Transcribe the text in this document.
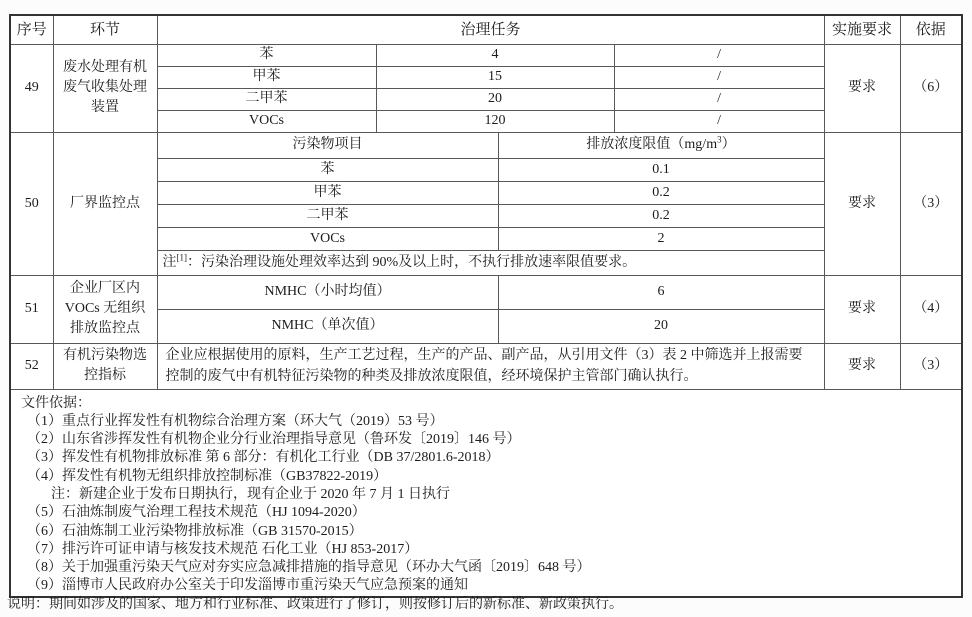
序号	环节	治理任务				实施要求	依据
49	废水处理有机废气收集处理装置	苯	4		/	要求	（6）
		甲苯	15		/		
		二甲苯	20		/		
		VOCs	120		/		
50	厂界监控点	污染物项目		排放浓度限值$(mg/m^3)$		要求	（3）
		苯		0.1			
		甲苯		0.2			
		二甲苯		0.2			
		VOCs		2			
		注[1]：污染治理设施处理效率达到 90%及以上时，不执行排放速率限值要求。					
51	企业厂区内VOCs 无组织排放监控点	NMHC（小时均值）		6		要求	（4）
		NMHC（单次值）		20			
52	有机污染物选控指标	企业应根据使用的原料，生产工艺过程，生产的产品、副产品，从引用文件（3）表 2 中筛选并上报需要控制的废气中有机特征污染物的种类及排放浓度限值，经环境保护主管部门确认执行。				要求	（3）

文件依据：
（1）重点行业挥发性有机物综合治理方案（环大气（2019）53 号）
（2）山东省涉挥发性有机物企业分行业治理指导意见（鲁环发〔2019〕146 号）
（3）挥发性有机物排放标准 第 6 部分：有机化工行业（DB 37/2801.6-2018）
（4）挥发性有机物无组织排放控制标准（GB37822-2019）
注：新建企业于发布日期执行，现有企业于 2020 年 7 月 1 日执行
（5）石油炼制废气治理工程技术规范（HJ 1094-2020）
（6）石油炼制工业污染物排放标准（GB 31570-2015）
（7）排污许可证申请与核发技术规范 石化工业（HJ 853-2017）
（8）关于加强重污染天气应对夯实应急减排措施的指导意见（环办大气函〔2019〕648 号）
（9）淄博市人民政府办公室关于印发淄博市重污染天气应急预案的通知
说明：期间如涉及的国家、地方和行业标准、政策进行了修订，则按修订后的新标准、新政策执行。
